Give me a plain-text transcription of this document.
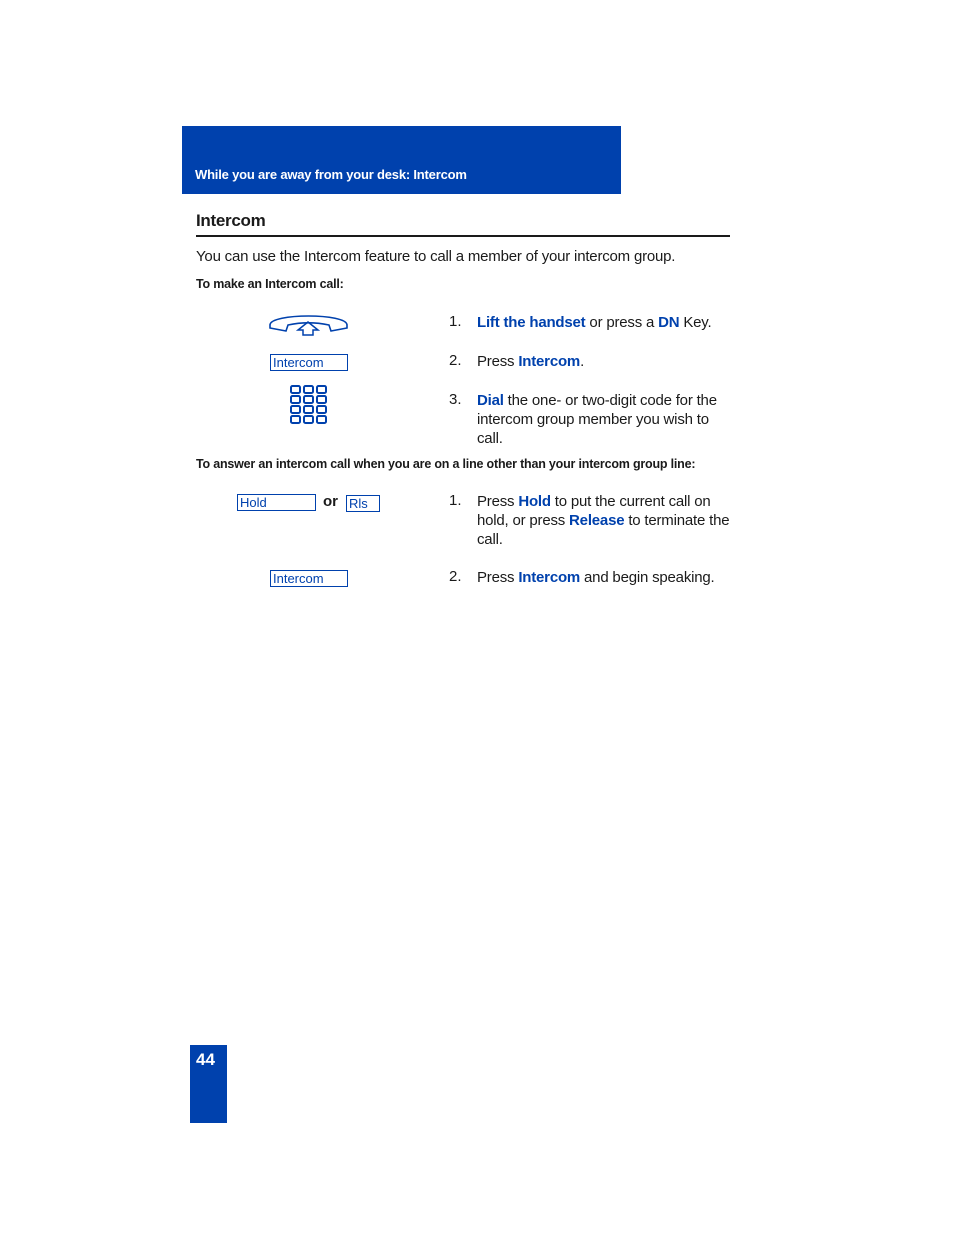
While you are away from your desk: Intercom
Intercom
You can use the Intercom feature to call a member of your intercom group.
To make an Intercom call:
1. Lift the handset or press a DN Key.
Intercom	2. Press Intercom.
3. Dial the one- or two-digit code for the intercom group member you wish to call.
To answer an intercom call when you are on a line other than your intercom group line:
Hold	or Rls	1. Press Hold to put the current call on hold, or press Release to terminate the call.
Intercom	2. Press Intercom and begin speaking.
44
